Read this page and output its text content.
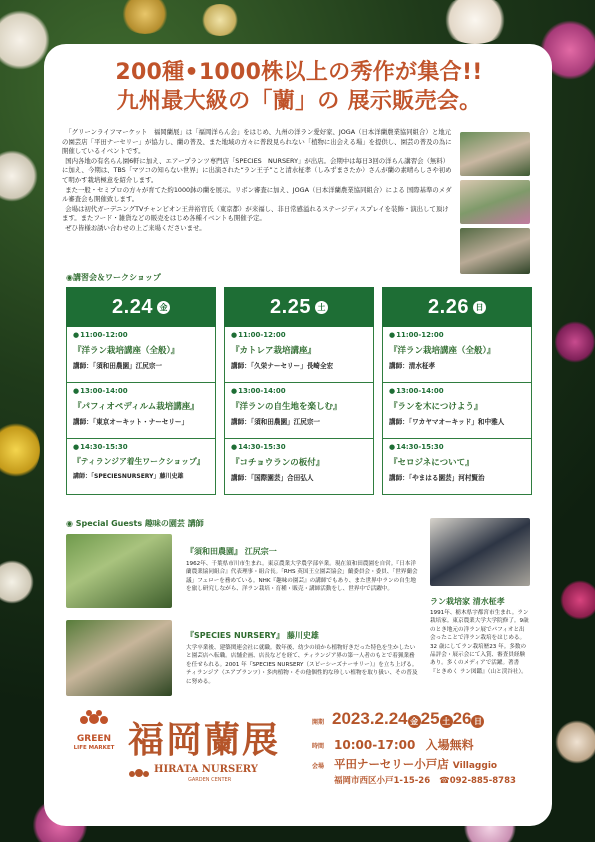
200種•1000株以上の秀作が集合!!
九州最大級の「蘭」の 展示販売会。

「グリーンライフマーケット　福岡蘭展」は「福岡洋らん会」をはじめ、九州の洋ラン愛好家、JOGA（日本洋蘭農業協同組合）と地元の園芸店「平田ナーセリー」が協力し、蘭の普及、また地域の方々に普段見られない「植物に出会える場」を提供し、園芸の普及の為に開催しているイベントです。

国内各地の有名らん園6軒に加え、エアープランツ専門店「SPECIES　NURSERY」が出店。会期中は毎日3回の洋らん講習会（無料）に加え、今期は、TBS「マツコの知らない世界」に出演された“ラン王子”こと清水柾孝（しみずまさたか）さんが蘭の素晴らしさや初めて明かす栽培極意を紹介します。

また一般・セミプロの方々が育てた約1000鉢の蘭を展示。リボン審査に加え、JOGA（日本洋蘭農業協同組合）による 国際基準のメダル審査会も開催致します。

会場は初代ガーデニングTVチャンピオン王井裕官氏（東京都）が来福し、非日常感溢れるステージディスプレイを装飾・演出して頂けます。またフード・雑貨などの販売をはじめ各種イベントも開催予定。

ぜひ皆様お誘い合わせの上ご来場くださいませ。

◉講習会＆ワークショップ
2.24 金
● 11:00-12:00
『洋ラン栽培講座（全般）』
講師：「須和田農園」江尻宗一
● 13:00-14:00
『パフィオペディルム栽培講座』
講師：「東京オーキット・ナーセリー」
● 14:30-15:30
『ティランジア着生ワークショップ』
講師：「SPECIESNURSERY」藤川史雄
2.25 土
● 11:00-12:00
『カトレア栽培講座』
講師：「久栄ナーセリー」長崎全宏
● 13:00-14:00
『洋ランの自生地を楽しむ』
講師：「須和田農園」江尻宗一
● 14:30-15:30
『コチョウランの板付』
講師：「国際園芸」合田弘人
2.26 日
● 11:00-12:00
『洋ラン栽培講座（全般）』
講師：清水柾孝
● 13:00-14:00
『ランを木につけよう』
講師：「ワカヤマオーキッド」和中雅人
● 14:30-15:30
『セロジネについて』
講師：「やまはる園芸」河村賢治
◉ Special Guests 趣味の園芸 講師
『須和田農園』 江尻宗一
1962年、千葉県市川市生まれ。東京農業大学農学部卒業。現在須和田農園を自営。『日本洋蘭農業協同組合』代表理事・組合長。「RHS 英国王立園芸協会」蘭委員会・委員、「世界蘭会議」フェローを務めている。NHK『趣味の園芸』の講師でもあり、また世界中ランの自生地を旅し研究しながら、洋ラン栽培・育種・販売・講師活動をし、世界中で活躍中。
『SPECIES NURSERY』 藤川史雄
大学卒業後、建築関連会社に就職。数年後、幼少の頃から植物好きだった特色を生かしたいと園芸店へ転職。店舗企画、店長などを経て、ティランジア界の第一人者のもとで着猟業務を任せられる。2001 年『SPECIES NURSERY（スピーシーズナーサリー）』を立ち上げる。ティランジア（エアプランツ）・多肉植物・その他個性的な珍しい植物を取り扱い、その普及に努める。
ラン栽培家 清水柾孝
1991年、栃木県宇都宮市生まれ。ラン栽培家。東京農業大学大学院修了。9歳のとき地元の洋ラン展でパフィオと出会ったことで洋ラン栽培をはじめる。32 歳にしてラン栽培歴23 年。多数の品評会・展示会にて入賞、審査員経験あり。多くのメディアで活躍。著書『ときめく ラン図鑑』（山と渓谷社）。
GREEN
LIFE MARKET 福岡蘭展
HIRATA NURSERY
GARDEN CENTER
開期
時間
会場
2023.2.24 金 25 土 26 日
10:00-17:00 入場無料
平田ナーセリー小戸店 Villaggio
福岡市西区小戸1-15-26 ☎092-885-8783
